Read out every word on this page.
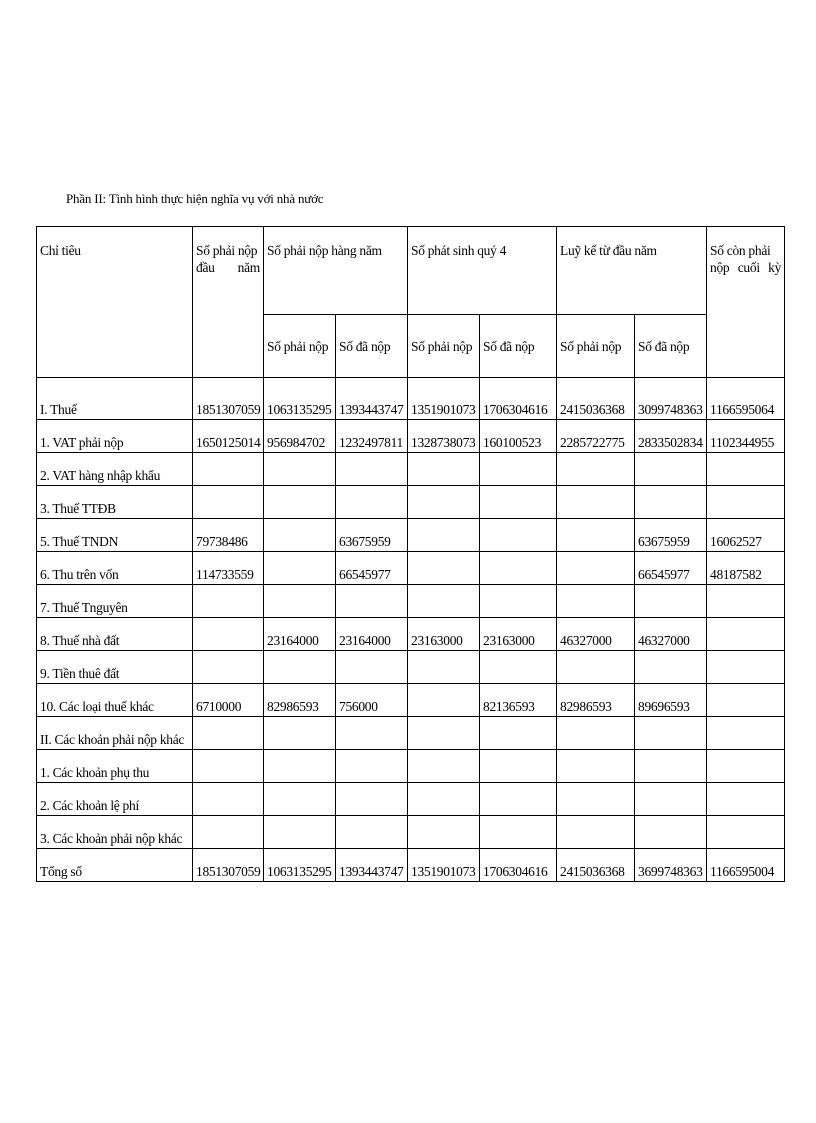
Phần II: Tình hình thực hiện nghĩa vụ với nhà nước
Chỉ tiêu	Số phải nộp đầu năm	Số phải nộp hàng năm		Số phát sinh quý 4		Luỹ kế từ đầu năm		Số còn phải nộp cuối kỳ
		Số phải nộp	Số đã nộp	Số phải nộp	Số đã nộp	Số phải nộp	Số đã nộp	
I. Thuế	1851307059	1063135295	1393443747	1351901073	1706304616	2415036368	3099748363	1166595064
1. VAT phải nộp	1650125014	956984702	1232497811	1328738073	160100523	2285722775	2833502834	1102344955
2. VAT hàng nhập khẩu								
3. Thuế TTĐB								
5. Thuế TNDN	79738486		63675959				63675959	16062527
6. Thu trên vốn	114733559		66545977				66545977	48187582
7. Thuế Tnguyên								
8. Thuế nhà đất		23164000	23164000	23163000	23163000	46327000	46327000	
9. Tiền thuê đất								
10. Các loại thuế khác	6710000	82986593	756000		82136593	82986593	89696593	
II. Các khoản phải nộp khác								
1. Các khoản phụ thu								
2. Các khoản lệ phí								
3. Các khoản phải nộp khác								
Tổng số	1851307059	1063135295	1393443747	1351901073	1706304616	2415036368	3699748363	1166595004
